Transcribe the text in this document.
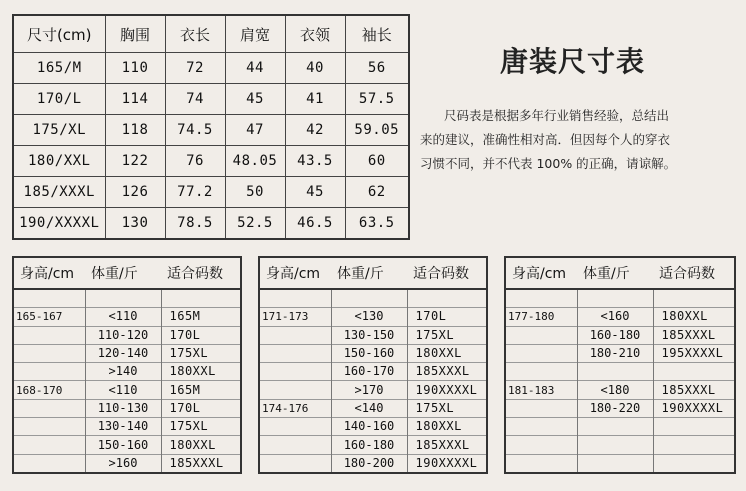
尺寸(cm)	胸围	衣长	肩宽	衣领	袖长
165/M	110	72	44	40	56
170/L	114	74	45	41	57.5
175/XL	118	74.5	47	42	59.05
180/XXL	122	76	48.05	43.5	60
185/XXXL	126	77.2	50	45	62
190/XXXXL	130	78.5	52.5	46.5	63.5
唐装尺寸表
尺码表是根据多年行业销售经验，总结出
来的建议，准确性相对高．但因每个人的穿衣
习惯不同，并不代表 100% 的正确，请谅解。
身高/cm	体重/斤	适合码数

165-167	<110	165M
	110-120	170L
	120-140	175XL
	>140	180XXL
168-170	<110	165M
	110-130	170L
	130-140	175XL
	150-160	180XXL
	>160	185XXXL
身高/cm	体重/斤	适合码数

171-173	<130	170L
	130-150	175XL
	150-160	180XXL
	160-170	185XXXL
	>170	190XXXXL
174-176	<140	175XL
	140-160	180XXL
	160-180	185XXXL
	180-200	190XXXXL
身高/cm	体重/斤	适合码数

177-180	<160	180XXL
	160-180	185XXXL
	180-210	195XXXXL

181-183	<180	185XXXL
	180-220	190XXXXL
